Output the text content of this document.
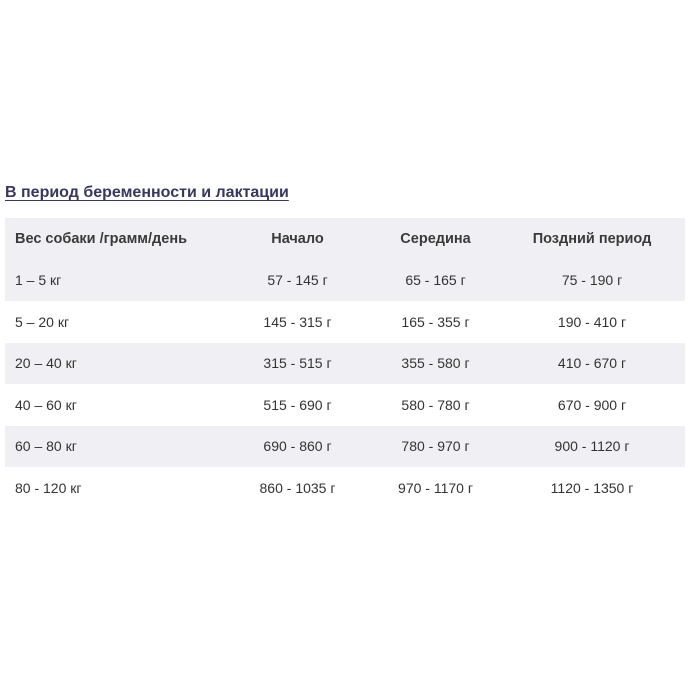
В период беременности и лактации
Вес собаки /грамм/день	Начало	Середина	Поздний период
1 – 5 кг	57 - 145 г	65 - 165 г	75 - 190 г
5 – 20 кг	145 - 315 г	165 - 355 г	190 - 410 г
20 – 40 кг	315 - 515 г	355 - 580 г	410 - 670 г
40 – 60 кг	515 - 690 г	580 - 780 г	670 - 900 г
60 – 80 кг	690 - 860 г	780 - 970 г	900 - 1120 г
80 - 120 кг	860 - 1035 г	970 - 1170 г	1120 - 1350 г
